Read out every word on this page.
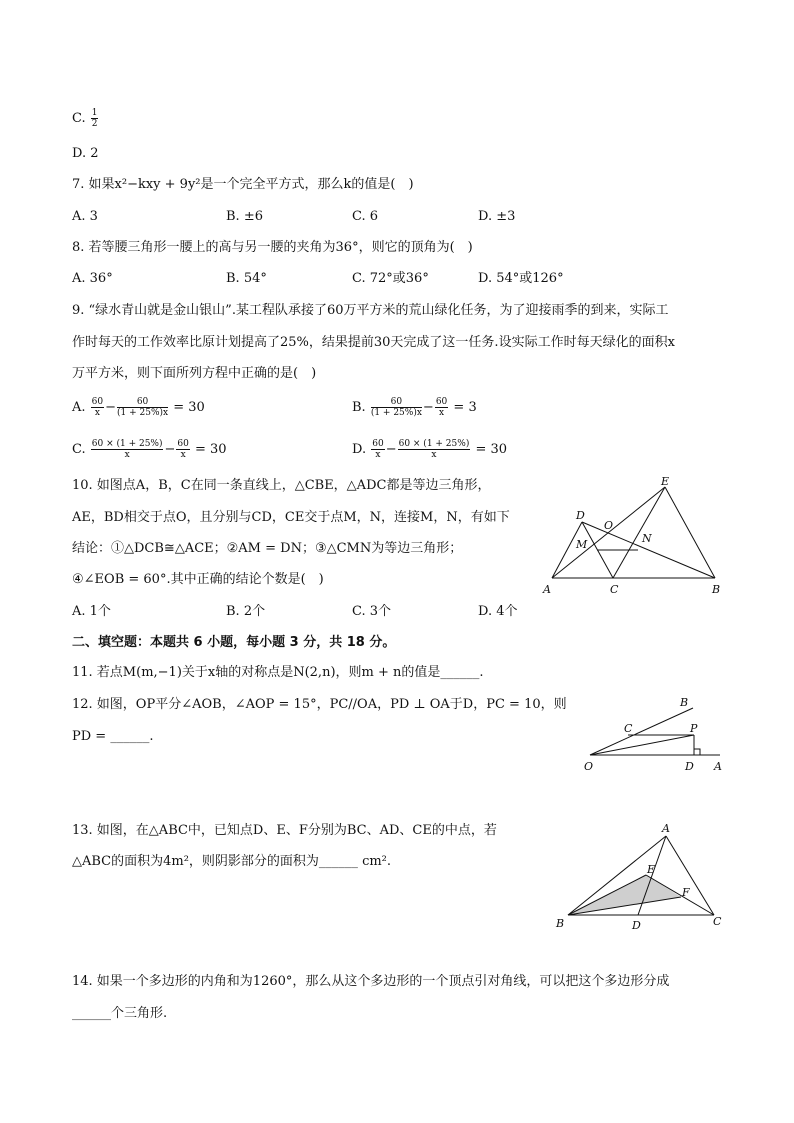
C. $\frac{1}{2}$
D. 2
7. 如果x²−kxy + 9y²是一个完全平方式，那么k的值是(　)
A. 3	B. ±6	C. 6	D. ±3
8. 若等腰三角形一腰上的高与另一腰的夹角为36°，则它的顶角为(　)
A. 36°	B. 54°	C. 72°或36°	D. 54°或126°
9. “绿水青山就是金山银山”.某工程队承接了60万平方米的荒山绿化任务，为了迎接雨季的到来，实际工
作时每天的工作效率比原计划提高了25%，结果提前30天完成了这一任务.设实际工作时每天绿化的面积x
万平方米，则下面所列方程中正确的是(　)
A. $\frac{60}{x} - \frac{60}{(1 + 25\%)x} = 30$	B. $\frac{60}{(1 + 25\%)x} - \frac{60}{x} = 3$
C. $\frac{60 \times (1 + 25\%)}{x} - \frac{60}{x} = 30$	D. $\frac{60}{x} - \frac{60 \times (1 + 25\%)}{x} = 30$
10. 如图点A，B，C在同一条直线上，△CBE，△ADC都是等边三角形，
AE，BD相交于点O，且分别与CD，CE交于点M，N，连接M，N，有如下
结论：①△DCB≅△ACE；②AM = DN；③△CMN为等边三角形；
④∠EOB = 60°.其中正确的结论个数是(　)
A. 1个	B. 2个	C. 3个	D. 4个
A	C	B
D
E
O
M	N
二、填空题：本题共 6 小题，每小题 3 分，共 18 分。
11. 若点M(m,−1)关于x轴的对称点是N(2,n)，则m + n的值是______.
12. 如图，OP平分∠AOB，∠AOP = 15°，PC//OA，PD ⊥ OA于D，PC = 10，则
PD = ______.
B
C	P
O	D A
13. 如图，在△ABC中，已知点D、E、F分别为BC、AD、CE的中点，若
△ABC的面积为4m²，则阴影部分的面积为______ cm².
A
E
F
B	D	C
14. 如果一个多边形的内角和为1260°，那么从这个多边形的一个顶点引对角线，可以把这个多边形分成
______个三角形.
